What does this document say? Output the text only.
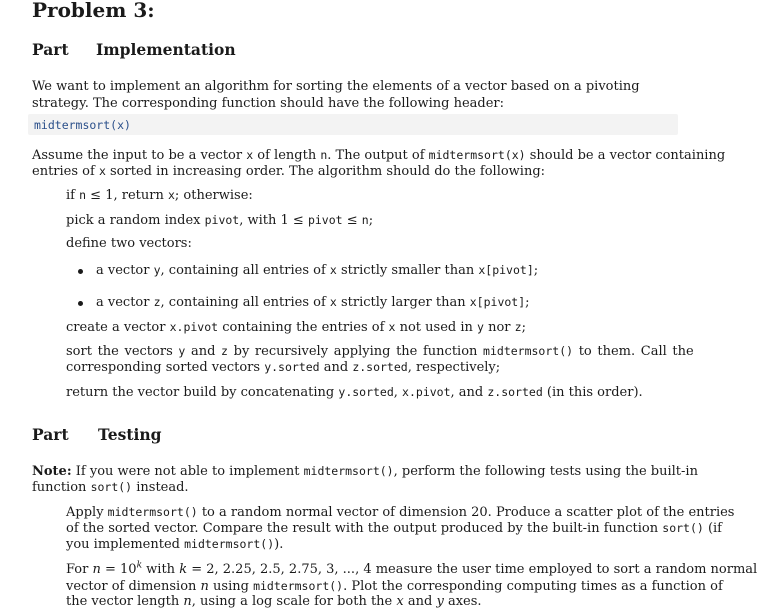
Problem 3:
Part Implementation
We want to implement an algorithm for sorting the elements of a vector based on a pivoting strategy. The corresponding function should have the following header:
midtermsort(x)
Assume the input to be a vector x of length n. The output of midtermsort(x) should be a vector containing
entries of x sorted in increasing order. The algorithm should do the following:
if n ≤ 1, return x; otherwise:
pick a random index pivot, with 1 ≤ pivot ≤ n;
define two vectors:
a vector y, containing all entries of x strictly smaller than x[pivot];
a vector z, containing all entries of x strictly larger than x[pivot];
create a vector x.pivot containing the entries of x not used in y nor z;
sort the vectors y and z by recursively applying the function midtermsort() to them. Call the
corresponding sorted vectors y.sorted and z.sorted, respectively;
return the vector build by concatenating y.sorted, x.pivot, and z.sorted (in this order).
Part Testing
Note: If you were not able to implement midtermsort(), perform the following tests using the built-in
function sort() instead.
Apply midtermsort() to a random normal vector of dimension 20. Produce a scatter plot of the entries
of the sorted vector. Compare the result with the output produced by the built-in function sort() (if
you implemented midtermsort()).
For $n = 10^k$ with k = 2, 2.25, 2.5, 2.75, 3, ..., 4 measure the user time employed to sort a random normal
vector of dimension n using midtermsort(). Plot the corresponding computing times as a function of
the vector length n, using a log scale for both the x and y axes.
